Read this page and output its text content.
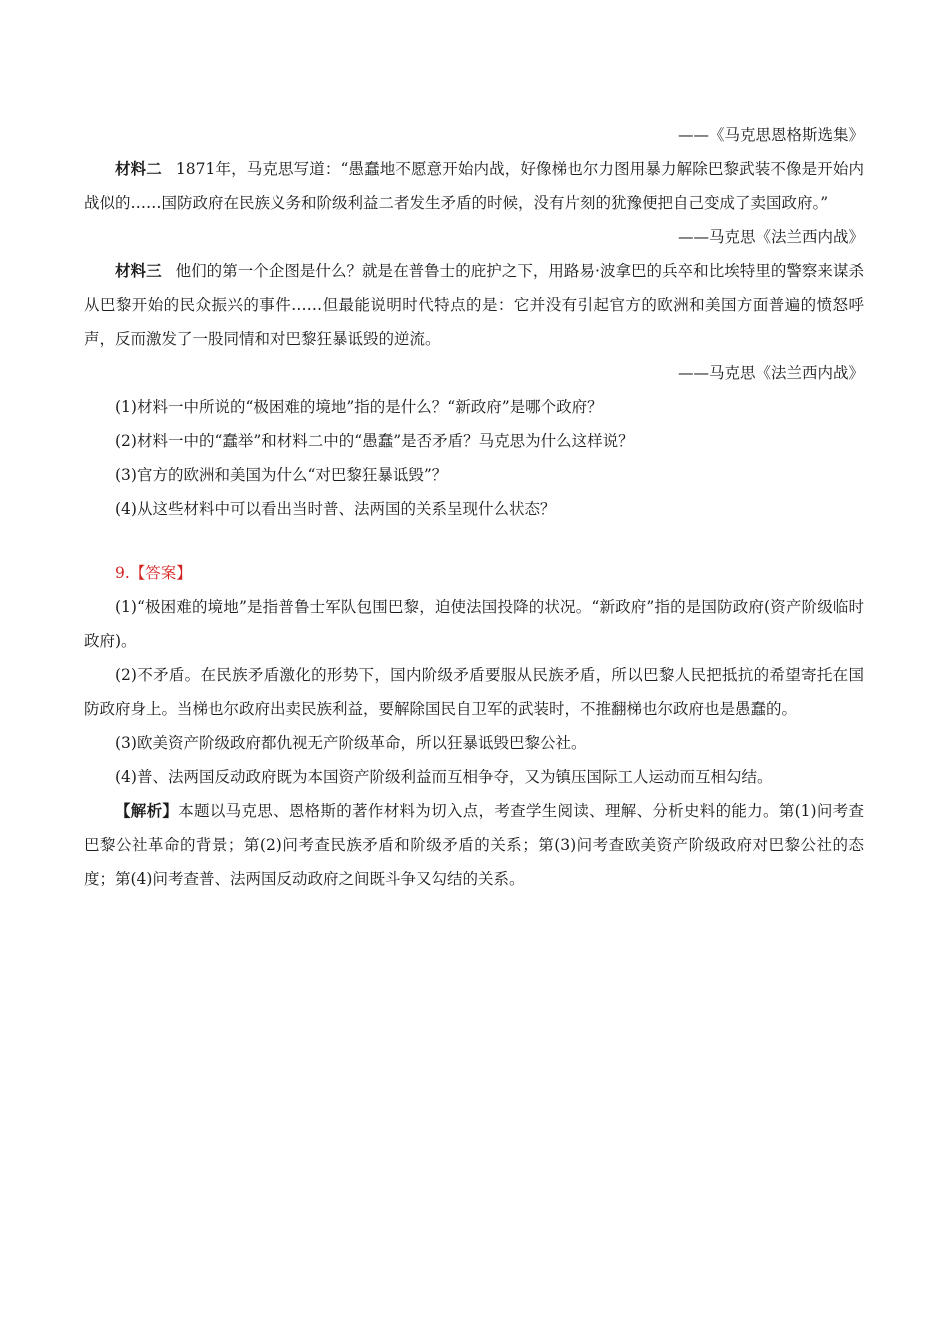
——《马克思恩格斯选集》

材料二 1871年，马克思写道：“愚蠢地不愿意开始内战，好像梯也尔力图用暴力解除巴黎武装不像是开始内战似的……国防政府在民族义务和阶级利益二者发生矛盾的时候，没有片刻的犹豫便把自己变成了卖国政府。”

——马克思《法兰西内战》

材料三 他们的第一个企图是什么？就是在普鲁士的庇护之下，用路易·波拿巴的兵卒和比埃特里的警察来谋杀从巴黎开始的民众振兴的事件……但最能说明时代特点的是：它并没有引起官方的欧洲和美国方面普遍的愤怒呼声，反而激发了一股同情和对巴黎狂暴诋毁的逆流。

——马克思《法兰西内战》

(1)材料一中所说的“极困难的境地”指的是什么？“新政府”是哪个政府？

(2)材料一中的“蠢举”和材料二中的“愚蠢”是否矛盾？马克思为什么这样说？

(3)官方的欧洲和美国为什么“对巴黎狂暴诋毁”？

(4)从这些材料中可以看出当时普、法两国的关系呈现什么状态？

9.【答案】

(1)“极困难的境地”是指普鲁士军队包围巴黎，迫使法国投降的状况。“新政府”指的是国防政府(资产阶级临时政府)。

(2)不矛盾。在民族矛盾激化的形势下，国内阶级矛盾要服从民族矛盾，所以巴黎人民把抵抗的希望寄托在国防政府身上。当梯也尔政府出卖民族利益，要解除国民自卫军的武装时，不推翻梯也尔政府也是愚蠢的。

(3)欧美资产阶级政府都仇视无产阶级革命，所以狂暴诋毁巴黎公社。

(4)普、法两国反动政府既为本国资产阶级利益而互相争夺，又为镇压国际工人运动而互相勾结。

【解析】本题以马克思、恩格斯的著作材料为切入点，考查学生阅读、理解、分析史料的能力。第(1)问考查巴黎公社革命的背景；第(2)问考查民族矛盾和阶级矛盾的关系；第(3)问考查欧美资产阶级政府对巴黎公社的态度；第(4)问考查普、法两国反动政府之间既斗争又勾结的关系。
